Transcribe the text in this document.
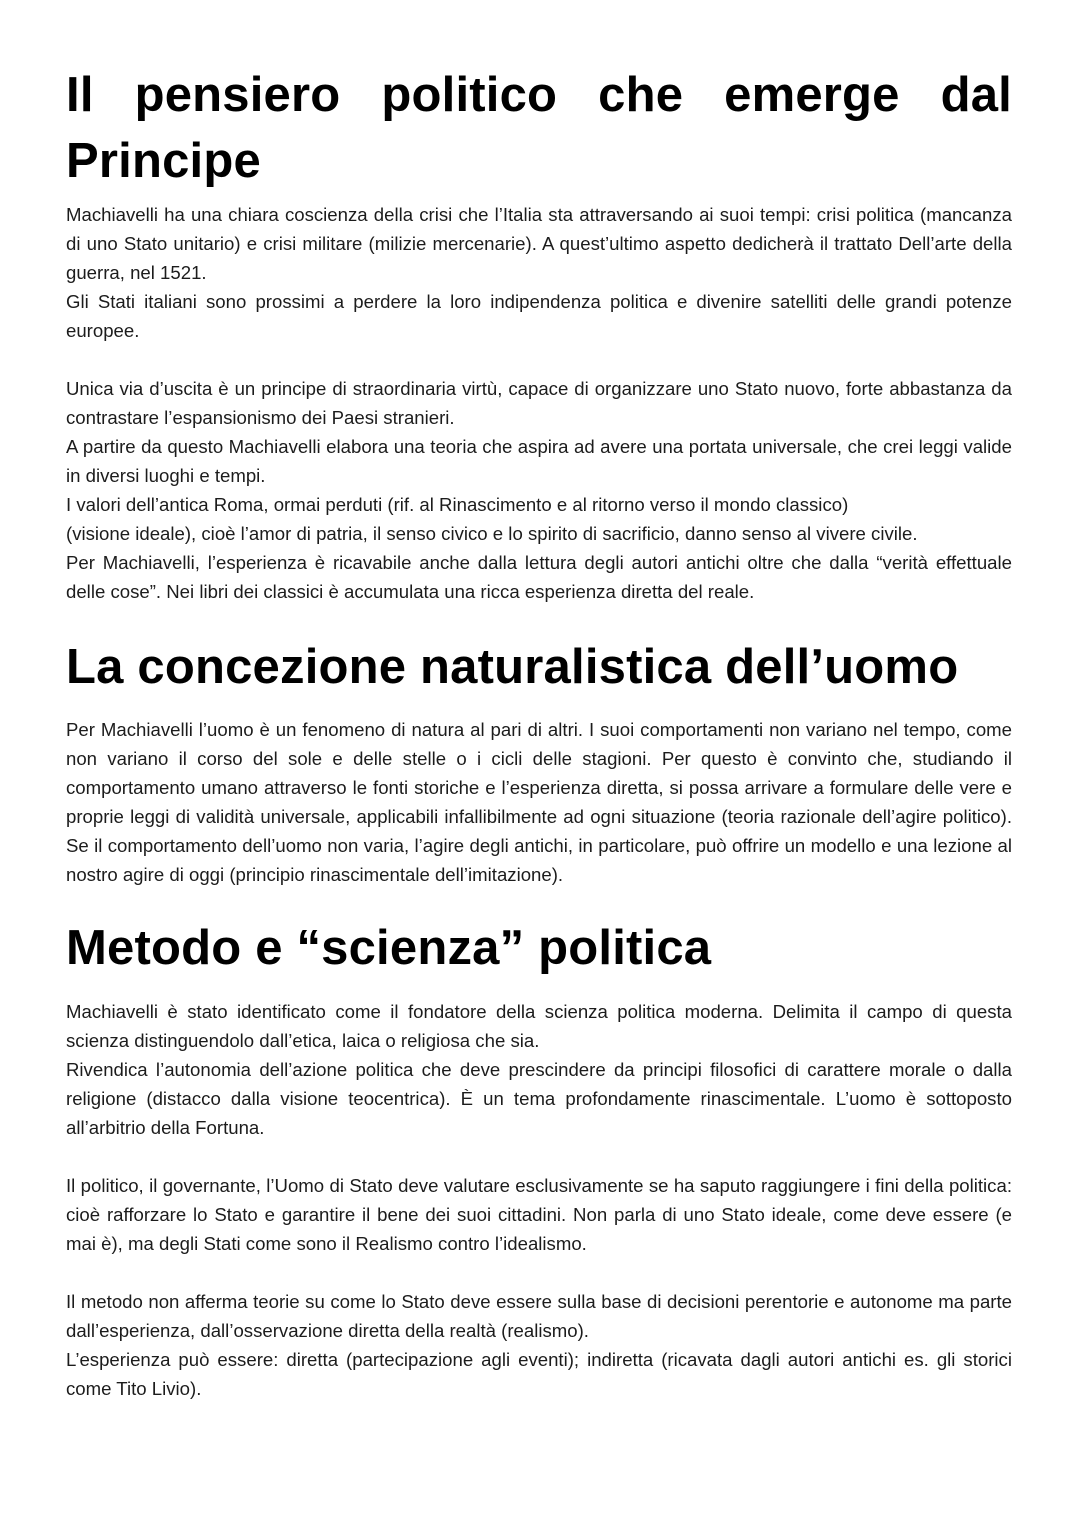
Il pensiero politico che emerge dal Principe

Machiavelli ha una chiara coscienza della crisi che l’Italia sta attraversando ai suoi tempi: crisi politica (mancanza di uno Stato unitario) e crisi militare (milizie mercenarie). A quest’ultimo aspetto dedicherà il trattato Dell’arte della guerra, nel 1521.

Gli Stati italiani sono prossimi a perdere la loro indipendenza politica e divenire satelliti delle grandi potenze europee.

Unica via d’uscita è un principe di straordinaria virtù, capace di organizzare uno Stato nuovo, forte abbastanza da contrastare l’espansionismo dei Paesi stranieri.

A partire da questo Machiavelli elabora una teoria che aspira ad avere una portata universale, che crei leggi valide in diversi luoghi e tempi.

I valori dell’antica Roma, ormai perduti (rif. al Rinascimento e al ritorno verso il mondo classico)

(visione ideale), cioè l’amor di patria, il senso civico e lo spirito di sacrificio, danno senso al vivere civile.

Per Machiavelli, l’esperienza è ricavabile anche dalla lettura degli autori antichi oltre che dalla “verità effettuale delle cose”. Nei libri dei classici è accumulata una ricca esperienza diretta del reale.

La concezione naturalistica dell’uomo

Per Machiavelli l’uomo è un fenomeno di natura al pari di altri. I suoi comportamenti non variano nel tempo, come non variano il corso del sole e delle stelle o i cicli delle stagioni. Per questo è convinto che, studiando il comportamento umano attraverso le fonti storiche e l’esperienza diretta, si possa arrivare a formulare delle vere e proprie leggi di validità universale, applicabili infallibilmente ad ogni situazione (teoria razionale dell’agire politico). Se il comportamento dell’uomo non varia, l’agire degli antichi, in particolare, può offrire un modello e una lezione al nostro agire di oggi (principio rinascimentale dell’imitazione).

Metodo e “scienza” politica

Machiavelli è stato identificato come il fondatore della scienza politica moderna. Delimita il campo di questa scienza distinguendolo dall’etica, laica o religiosa che sia.

Rivendica l’autonomia dell’azione politica che deve prescindere da principi filosofici di carattere morale o dalla religione (distacco dalla visione teocentrica). È un tema profondamente rinascimentale. L’uomo è sottoposto all’arbitrio della Fortuna.

Il politico, il governante, l’Uomo di Stato deve valutare esclusivamente se ha saputo raggiungere i fini della politica: cioè rafforzare lo Stato e garantire il bene dei suoi cittadini. Non parla di uno Stato ideale, come deve essere (e mai è), ma degli Stati come sono il Realismo contro l’idealismo.

Il metodo non afferma teorie su come lo Stato deve essere sulla base di decisioni perentorie e autonome ma parte dall’esperienza, dall’osservazione diretta della realtà (realismo).

L’esperienza può essere: diretta (partecipazione agli eventi); indiretta (ricavata dagli autori antichi es. gli storici come Tito Livio).
